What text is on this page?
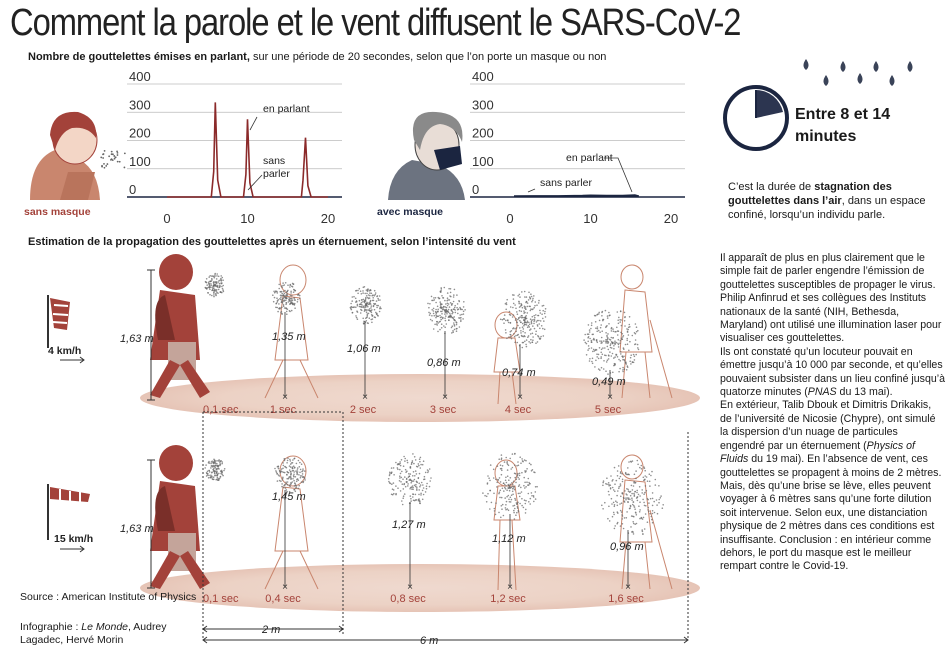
Comment la parole et le vent diffusent le SARS-CoV-2
Nombre de gouttelettes émises en parlant, sur une période de 20 secondes, selon que l’on porte un masque ou non
0
100
200
300
400
0	10	20
en parlant
sans
parler
0
100
200
300
400
0	10	20
en parlant
sans parler
sans masque	avec masque
0,1 sec	1 sec
×
2 sec
×
3 sec
×
4 sec
×
5 sec
×
1,35 m
1,06 m
0,86 m
0,74 m
0,49 m
0,1 sec 0,4 sec
×
0,8 sec
×
1,2 sec
×
1,6 sec
×
1,45 m
1,27 m
1,12 m
0,96 m
2 m
6 m
4 km/h
15 km/h
1,63 m
1,63 m
Estimation de la propagation des gouttelettes après un éternuement, selon l’intensité du vent
Entre 8 et 14 minutes
C’est la durée de stagnation des gouttelettes dans l’air, dans un espace confiné, lorsqu’un individu parle.

Il apparaît de plus en plus clairement que le simple fait de parler engendre l’émission de gouttelettes susceptibles de propager le virus. Philip Anfinrud et ses collègues des Instituts nationaux de la santé (NIH, Bethesda, Maryland) ont utilisé une illumination laser pour visualiser ces gouttelettes.

Ils ont constaté qu’un locuteur pouvait en émettre jusqu’à 10 000 par seconde, et qu’elles pouvaient subsister dans un lieu confiné jusqu’à quatorze minutes (PNAS du 13 mai).

En extérieur, Talib Dbouk et Dimitris Drikakis, de l’université de Nicosie (Chypre), ont simulé la dispersion d’un nuage de particules engendré par un éternuement (Physics of Fluids du 19 mai). En l’absence de vent, ces gouttelettes se propagent à moins de 2 mètres. Mais, dès qu’une brise se lève, elles peuvent voyager à 6 mètres sans qu’une forte dilution soit intervenue. Selon eux, une distanciation physique de 2 mètres dans ces conditions est insuffisante. Conclusion : en intérieur comme dehors, le port du masque est le meilleur rempart contre le Covid-19.

Source : American Institute of Physics
Infographie : Le Monde, Audrey Lagadec, Hervé Morin
